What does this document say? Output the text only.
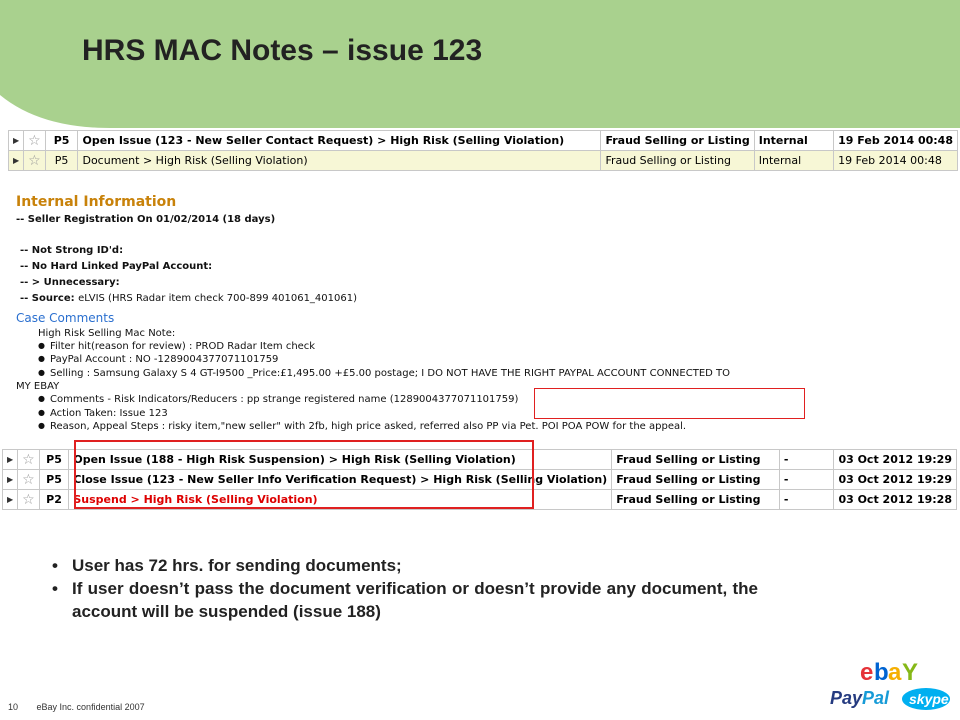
HRS MAC Notes – issue 123
▶	☆	P5	Open Issue (123 - New Seller Contact Request) > High Risk (Selling Violation)	Fraud Selling or Listing	Internal	19 Feb 2014 00:48
▶	☆	P5	Document > High Risk (Selling Violation)	Fraud Selling or Listing	Internal	19 Feb 2014 00:48
Internal Information
-- Seller Registration On 01/02/2014 (18 days)
-- Not Strong ID'd:
-- No Hard Linked PayPal Account:
-- > Unnecessary:
-- Source: eLVIS (HRS Radar item check 700-899 401061_401061)
Case Comments
High Risk Selling Mac Note:
● Filter hit(reason for review) : PROD Radar Item check
● PayPal Account : NO -1289004377071101759
● Selling : Samsung Galaxy S 4 GT-I9500 _Price:£1,495.00 +£5.00 postage; I DO NOT HAVE THE RIGHT PAYPAL ACCOUNT CONNECTED TO
MY EBAY
● Comments - Risk Indicators/Reducers : pp strange registered name (1289004377071101759)
● Action Taken: Issue 123
● Reason, Appeal Steps : risky item,"new seller" with 2fb, high price asked, referred also PP via Pet. POI POA POW for the appeal.
▶	☆	P5	Open Issue (188 - High Risk Suspension) > High Risk (Selling Violation)	Fraud Selling or Listing	-	03 Oct 2012 19:29
▶	☆	P5	Close Issue (123 - New Seller Info Verification Request) > High Risk (Selling Violation)	Fraud Selling or Listing	-	03 Oct 2012 19:29
▶	☆	P2	Suspend > High Risk (Selling Violation)	Fraud Selling or Listing	-	03 Oct 2012 19:28
• User has 72 hrs. for sending documents;
• If user doesn’t pass the document verification or doesn’t provide any document, the account will be suspended (issue 188)
10 eBay Inc. confidential 2007
e b a Y
Pay Pal skype
